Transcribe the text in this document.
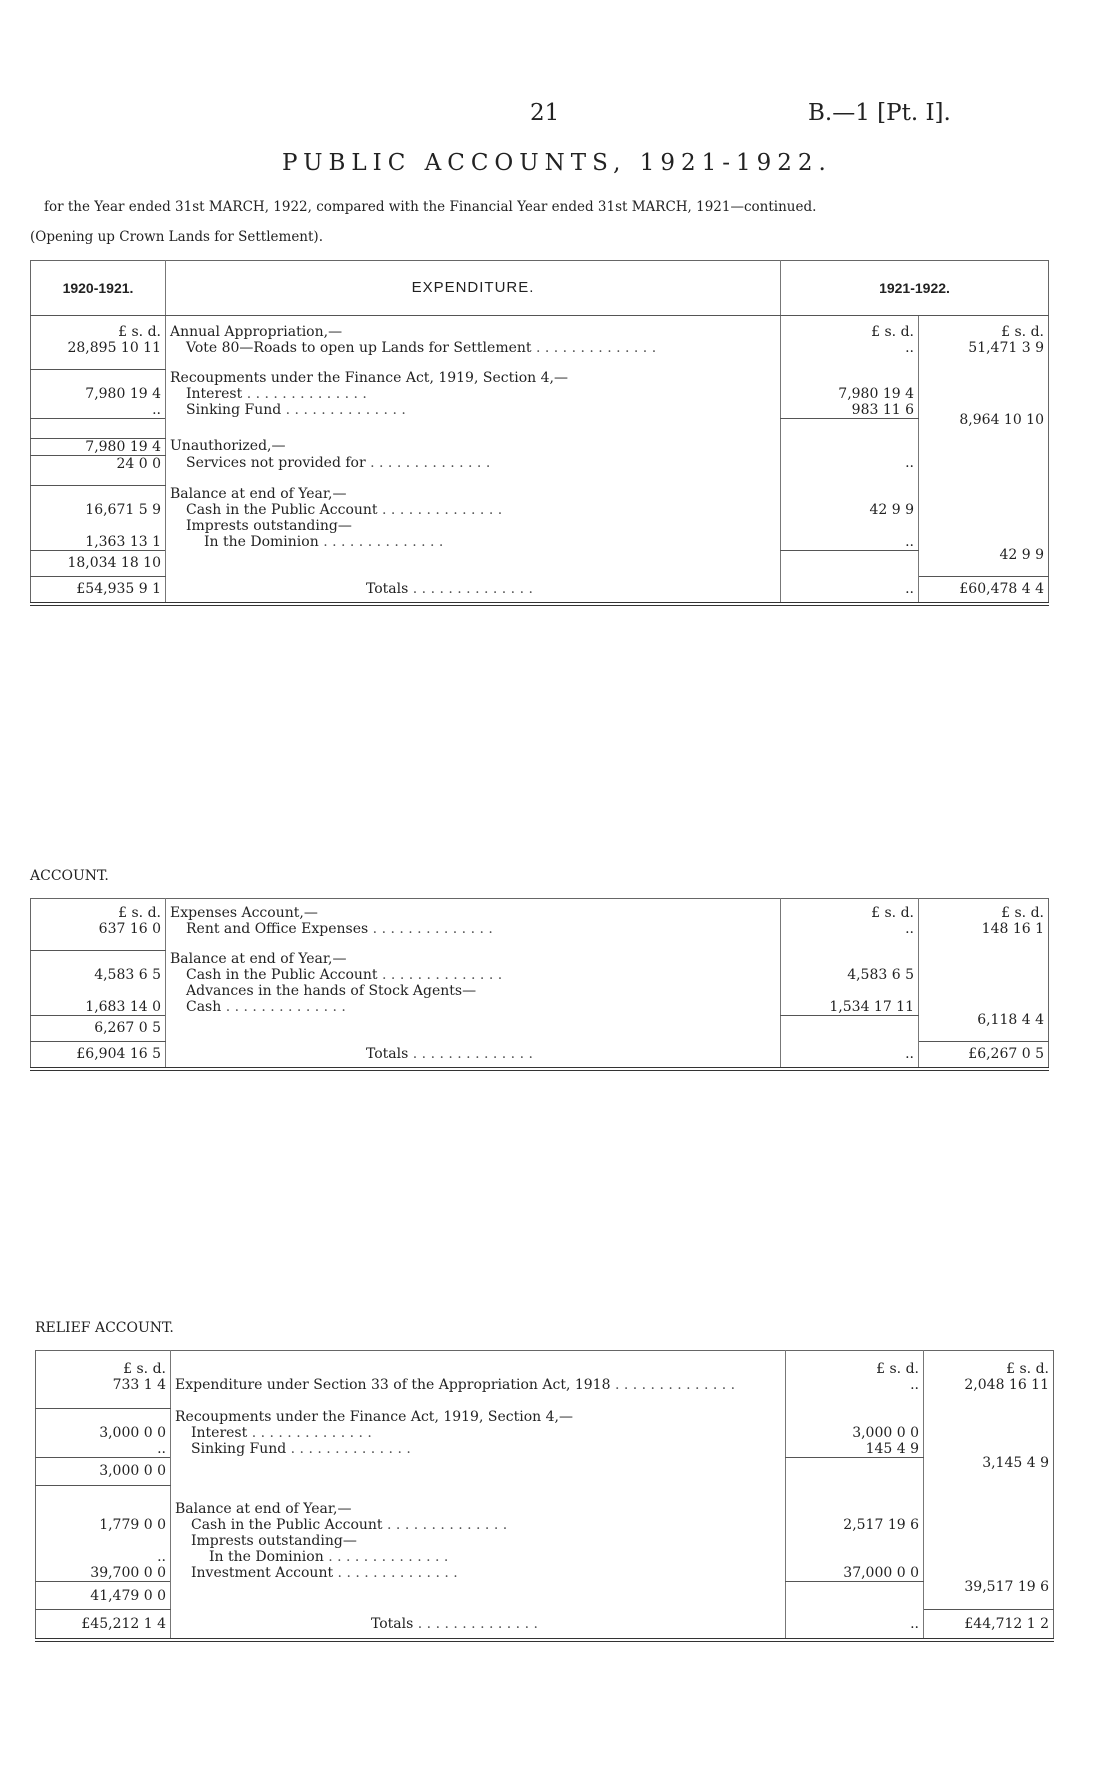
21	B.—1 [Pt. I].
PUBLIC ACCOUNTS, 1921-1922.
for the Year ended 31st MARCH, 1922, compared with the Financial Year ended 31st MARCH, 1921—continued.
(Opening up Crown Lands for Settlement).
1920-1921.	EXPENDITURE.	1921-1922.	

£ s. d.	Annual Appropriation,—	£ s. d.	£ s. d.
28,895 10 11	Vote 80—Roads to open up Lands for Settlement . . . . . . . . . . . . . .	..	51,471 3 9

	Recoupments under the Finance Act, 1919, Section 4,—		
7,980 19 4	Interest . . . . . . . . . . . . . .	7,980 19 4	
..	Sinking Fund . . . . . . . . . . . . . .	983 11 6	8,964 10 10

7,980 19 4	Unauthorized,—		
24 0 0	Services not provided for . . . . . . . . . . . . . .	..	

	Balance at end of Year,—		
16,671 5 9	Cash in the Public Account . . . . . . . . . . . . . .	42 9 9	
	Imprests outstanding—		
1,363 13 1	In the Dominion . . . . . . . . . . . . . .	..	42 9 9
18,034 18 10			
£54,935 9 1	Totals . . . . . . . . . . . . . .	..	£60,478 4 4
ACCOUNT.

£ s. d.	Expenses Account,—	£ s. d.	£ s. d.
637 16 0	Rent and Office Expenses . . . . . . . . . . . . . .	..	148 16 1

	Balance at end of Year,—		
4,583 6 5	Cash in the Public Account . . . . . . . . . . . . . .	4,583 6 5	
	Advances in the hands of Stock Agents—		
1,683 14 0	Cash . . . . . . . . . . . . . .	1,534 17 11	6,118 4 4
6,267 0 5			
£6,904 16 5	Totals . . . . . . . . . . . . . .	..	£6,267 0 5
RELIEF ACCOUNT.

£ s. d.		£ s. d.	£ s. d.
733 1 4	Expenditure under Section 33 of the Appropriation Act, 1918 . . . . . . . . . . . . . .	..	2,048 16 11

	Recoupments under the Finance Act, 1919, Section 4,—		
3,000 0 0	Interest . . . . . . . . . . . . . .	3,000 0 0	
..	Sinking Fund . . . . . . . . . . . . . .	145 4 9	3,145 4 9
3,000 0 0			

	Balance at end of Year,—		
1,779 0 0	Cash in the Public Account . . . . . . . . . . . . . .	2,517 19 6	
	Imprests outstanding—		
..	In the Dominion . . . . . . . . . . . . . .		
39,700 0 0	Investment Account . . . . . . . . . . . . . .	37,000 0 0	39,517 19 6
41,479 0 0			
£45,212 1 4	Totals . . . . . . . . . . . . . .	..	£44,712 1 2
